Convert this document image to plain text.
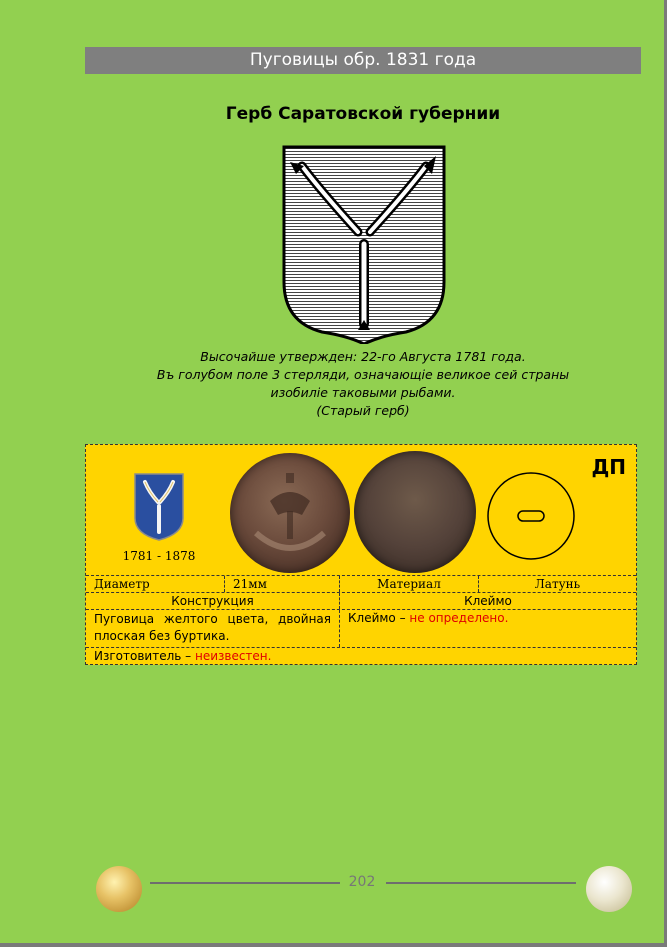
Пуговицы обр. 1831 года
Герб Саратовской губернии
Высочайше утвержден: 22-го Августа 1781 года.
Въ голубом поле 3 стерляди, означающіе великое сей страны
изобиліе таковыми рыбами.
(Старый герб)
1781 - 1878
ДП
Диаметр	21мм	Материал	Латунь
Конструкция	Клеймо
Пуговица желтого цвета, двойная плоская без буртика.
Клеймо – не определено.
Изготовитель – неизвестен.
202
